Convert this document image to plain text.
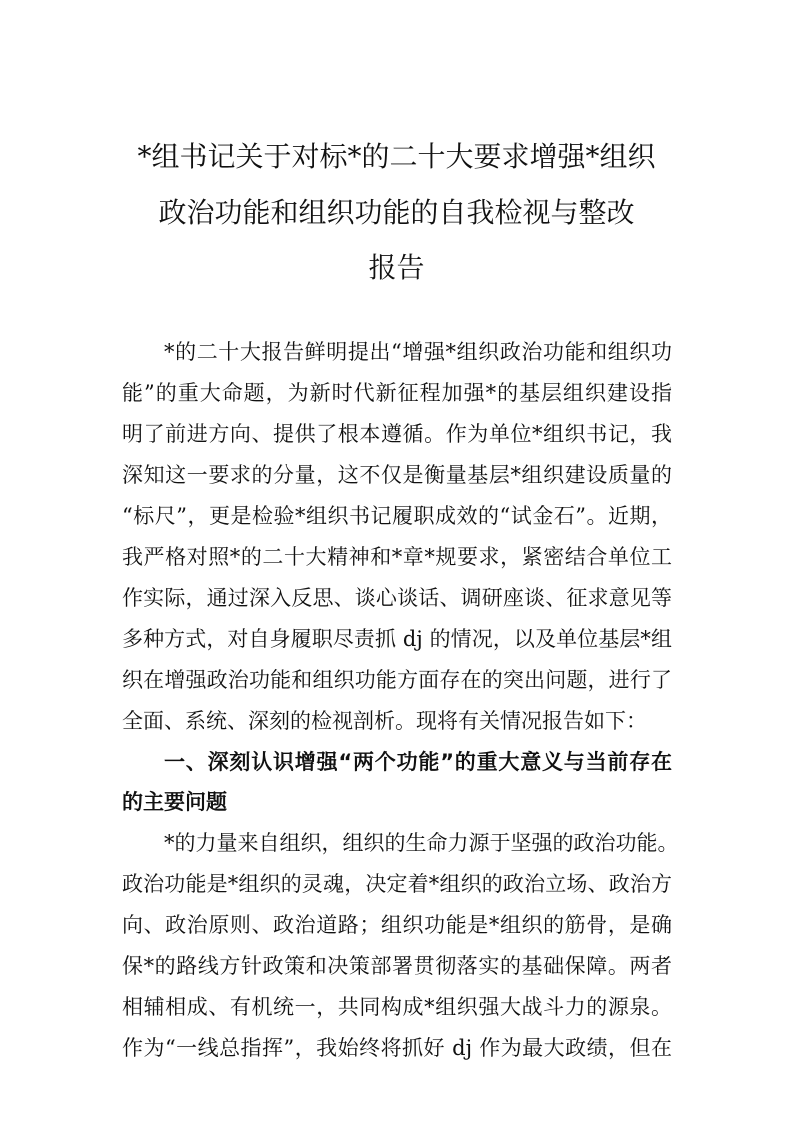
*组书记关于对标*的二十大要求增强*组织
政治功能和组织功能的自我检视与整改
报告
*的二十大报告鲜明提出“增强*组织政治功能和组织功
能”的重大命题，为新时代新征程加强*的基层组织建设指
明了前进方向、提供了根本遵循。作为单位*组织书记，我
深知这一要求的分量，这不仅是衡量基层*组织建设质量的
“标尺”，更是检验*组织书记履职成效的“试金石”。近期，
我严格对照*的二十大精神和*章*规要求，紧密结合单位工
作实际，通过深入反思、谈心谈话、调研座谈、征求意见等
多种方式，对自身履职尽责抓 dj 的情况，以及单位基层*组
织在增强政治功能和组织功能方面存在的突出问题，进行了
全面、系统、深刻的检视剖析。现将有关情况报告如下：
一、深刻认识增强“两个功能”的重大意义与当前存在
的主要问题
*的力量来自组织，组织的生命力源于坚强的政治功能。
政治功能是*组织的灵魂，决定着*组织的政治立场、政治方
向、政治原则、政治道路；组织功能是*组织的筋骨，是确
保*的路线方针政策和决策部署贯彻落实的基础保障。两者
相辅相成、有机统一，共同构成*组织强大战斗力的源泉。
作为“一线总指挥”，我始终将抓好 dj 作为最大政绩，但在
